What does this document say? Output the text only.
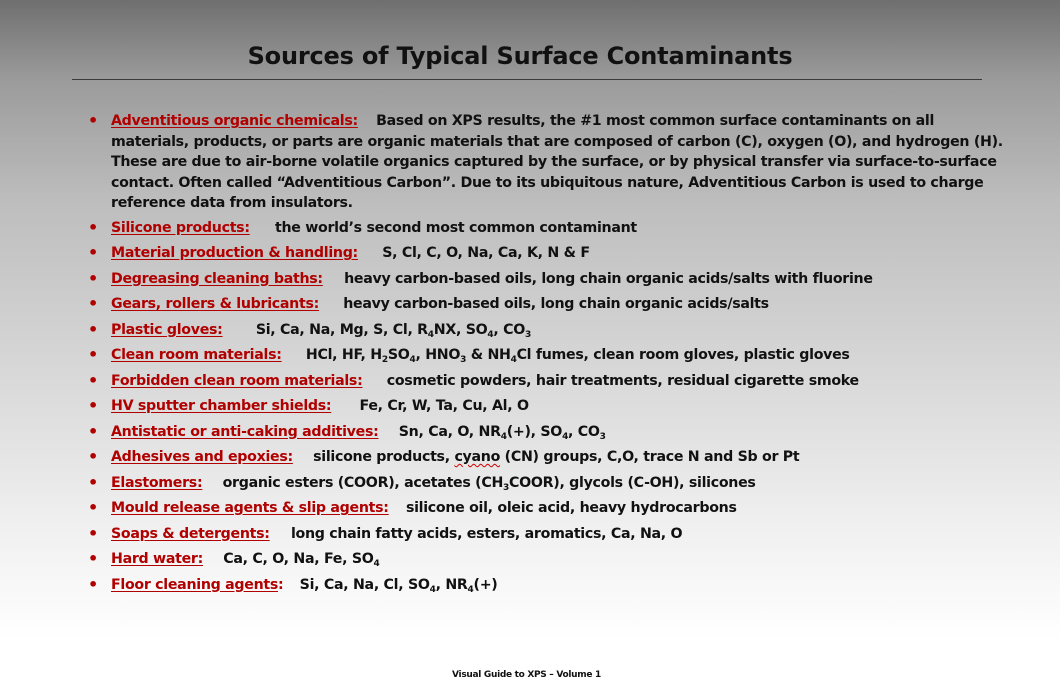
Sources of Typical Surface Contaminants
• Adventitious organic chemicals: Based on XPS results, the #1 most common surface contaminants on all materials, products, or parts are organic materials that are composed of carbon (C), oxygen (O), and hydrogen (H). These are due to air-borne volatile organics captured by the surface, or by physical transfer via surface-to-surface contact. Often called “Adventitious Carbon”. Due to its ubiquitous nature, Adventitious Carbon is used to charge reference data from insulators.
• Silicone products: the world’s second most common contaminant
• Material production & handling: S, Cl, C, O, Na, Ca, K, N & F
• Degreasing cleaning baths: heavy carbon-based oils, long chain organic acids/salts with fluorine
• Gears, rollers & lubricants: heavy carbon-based oils, long chain organic acids/salts
• Plastic gloves: Si, Ca, Na, Mg, S, Cl, $R_4NX$, $SO_4$, $CO_3$
• Clean room materials: HCl, HF, $H_2SO_4$, $HNO_3$ & $NH_4Cl$ fumes, clean room gloves, plastic gloves
• Forbidden clean room materials: cosmetic powders, hair treatments, residual cigarette smoke
• HV sputter chamber shields: Fe, Cr, W, Ta, Cu, Al, O
• Antistatic or anti-caking additives: Sn, Ca, O, $NR_4(+)$, $SO_4$, $CO_3$
• Adhesives and epoxies: silicone products, cyano (CN) groups, C,O, trace N and Sb or Pt
• Elastomers: organic esters (COOR), acetates $(CH_3COOR)$, glycols (C-OH), silicones
• Mould release agents & slip agents: silicone oil, oleic acid, heavy hydrocarbons
• Soaps & detergents: long chain fatty acids, esters, aromatics, Ca, Na, O
• Hard water: Ca, C, O, Na, Fe, $SO_4$
• Floor cleaning agents: Si, Ca, Na, Cl, $SO_4$, $NR_4(+)$
Visual Guide to XPS – Volume 1
